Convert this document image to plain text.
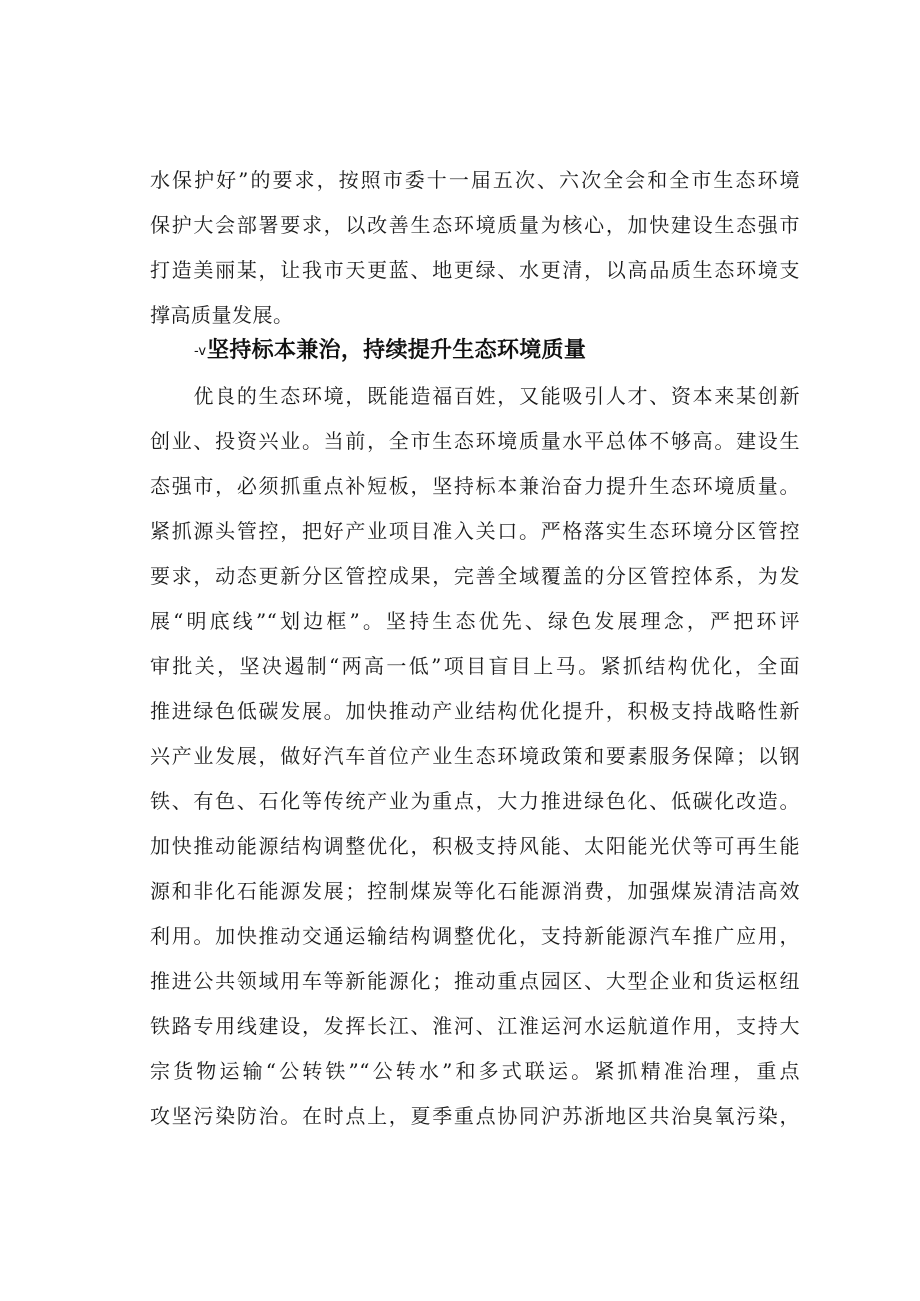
水保护好”的要求，按照市委十一届五次、六次全会和全市生态环境
保护大会部署要求，以改善生态环境质量为核心，加快建设生态强市
打造美丽某，让我市天更蓝、地更绿、水更清，以高品质生态环境支
撑高质量发展。
-v坚持标本兼治，持续提升生态环境质量
　　优良的生态环境，既能造福百姓，又能吸引人才、资本来某创新
创业、投资兴业。当前，全市生态环境质量水平总体不够高。建设生
态强市，必须抓重点补短板，坚持标本兼治奋力提升生态环境质量。
紧抓源头管控，把好产业项目准入关口。严格落实生态环境分区管控
要求，动态更新分区管控成果，完善全域覆盖的分区管控体系，为发
展“明底线”“划边框”。坚持生态优先、绿色发展理念，严把环评
审批关，坚决遏制“两高一低”项目盲目上马。紧抓结构优化，全面
推进绿色低碳发展。加快推动产业结构优化提升，积极支持战略性新
兴产业发展，做好汽车首位产业生态环境政策和要素服务保障；以钢
铁、有色、石化等传统产业为重点，大力推进绿色化、低碳化改造。
加快推动能源结构调整优化，积极支持风能、太阳能光伏等可再生能
源和非化石能源发展；控制煤炭等化石能源消费，加强煤炭清洁高效
利用。加快推动交通运输结构调整优化，支持新能源汽车推广应用，
推进公共领域用车等新能源化；推动重点园区、大型企业和货运枢纽
铁路专用线建设，发挥长江、淮河、江淮运河水运航道作用，支持大
宗货物运输“公转铁”“公转水”和多式联运。紧抓精准治理，重点
攻坚污染防治。在时点上，夏季重点协同沪苏浙地区共治臭氧污染，
